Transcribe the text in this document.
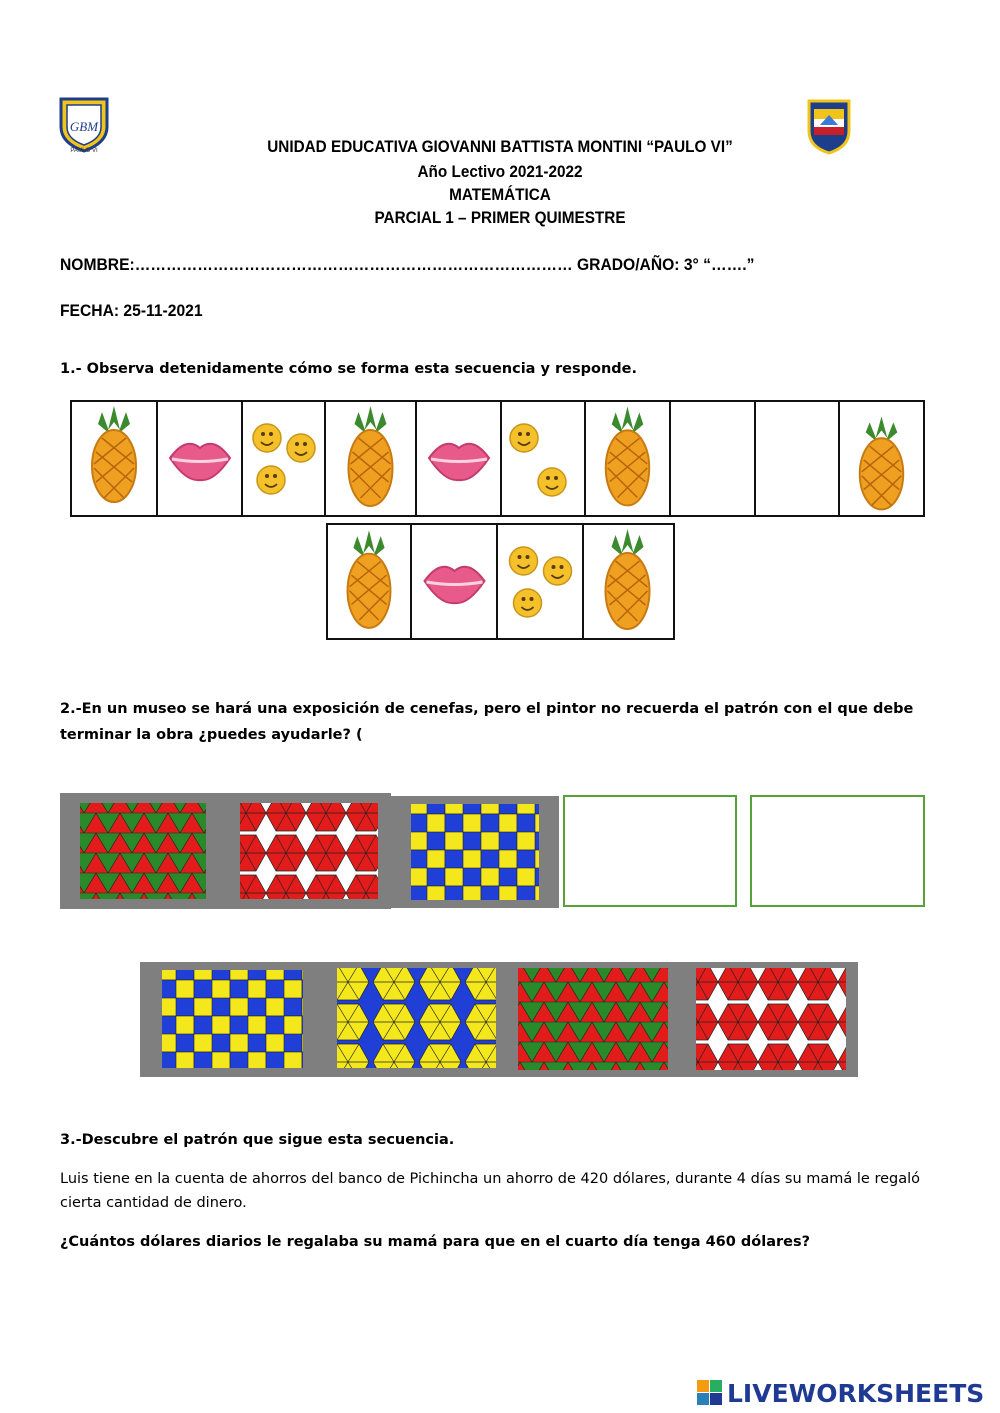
GBM
PAULO VI	UNIDAD EDUCATIVA GIOVANNI BATTISTA MONTINI “PAULO VI”
Año Lectivo 2021-2022
MATEMÁTICA
PARCIAL 1 – PRIMER QUIMESTRE
NOMBRE:………………………………………………………………………… GRADO/AÑO: 3° “…….”
FECHA: 25-11-2021
1.- Observa detenidamente cómo se forma esta secuencia y responde.
2.-En un museo se hará una exposición de cenefas, pero el pintor no recuerda el patrón con el que debe terminar la obra ¿puedes ayudarle? (
3.-Descubre el patrón que sigue esta secuencia.
Luis tiene en la cuenta de ahorros del banco de Pichincha un ahorro de 420 dólares, durante 4 días su mamá le regaló cierta cantidad de dinero.
¿Cuántos dólares diarios le regalaba su mamá para que en el cuarto día tenga 460 dólares?
LIVEWORKSHEETS
